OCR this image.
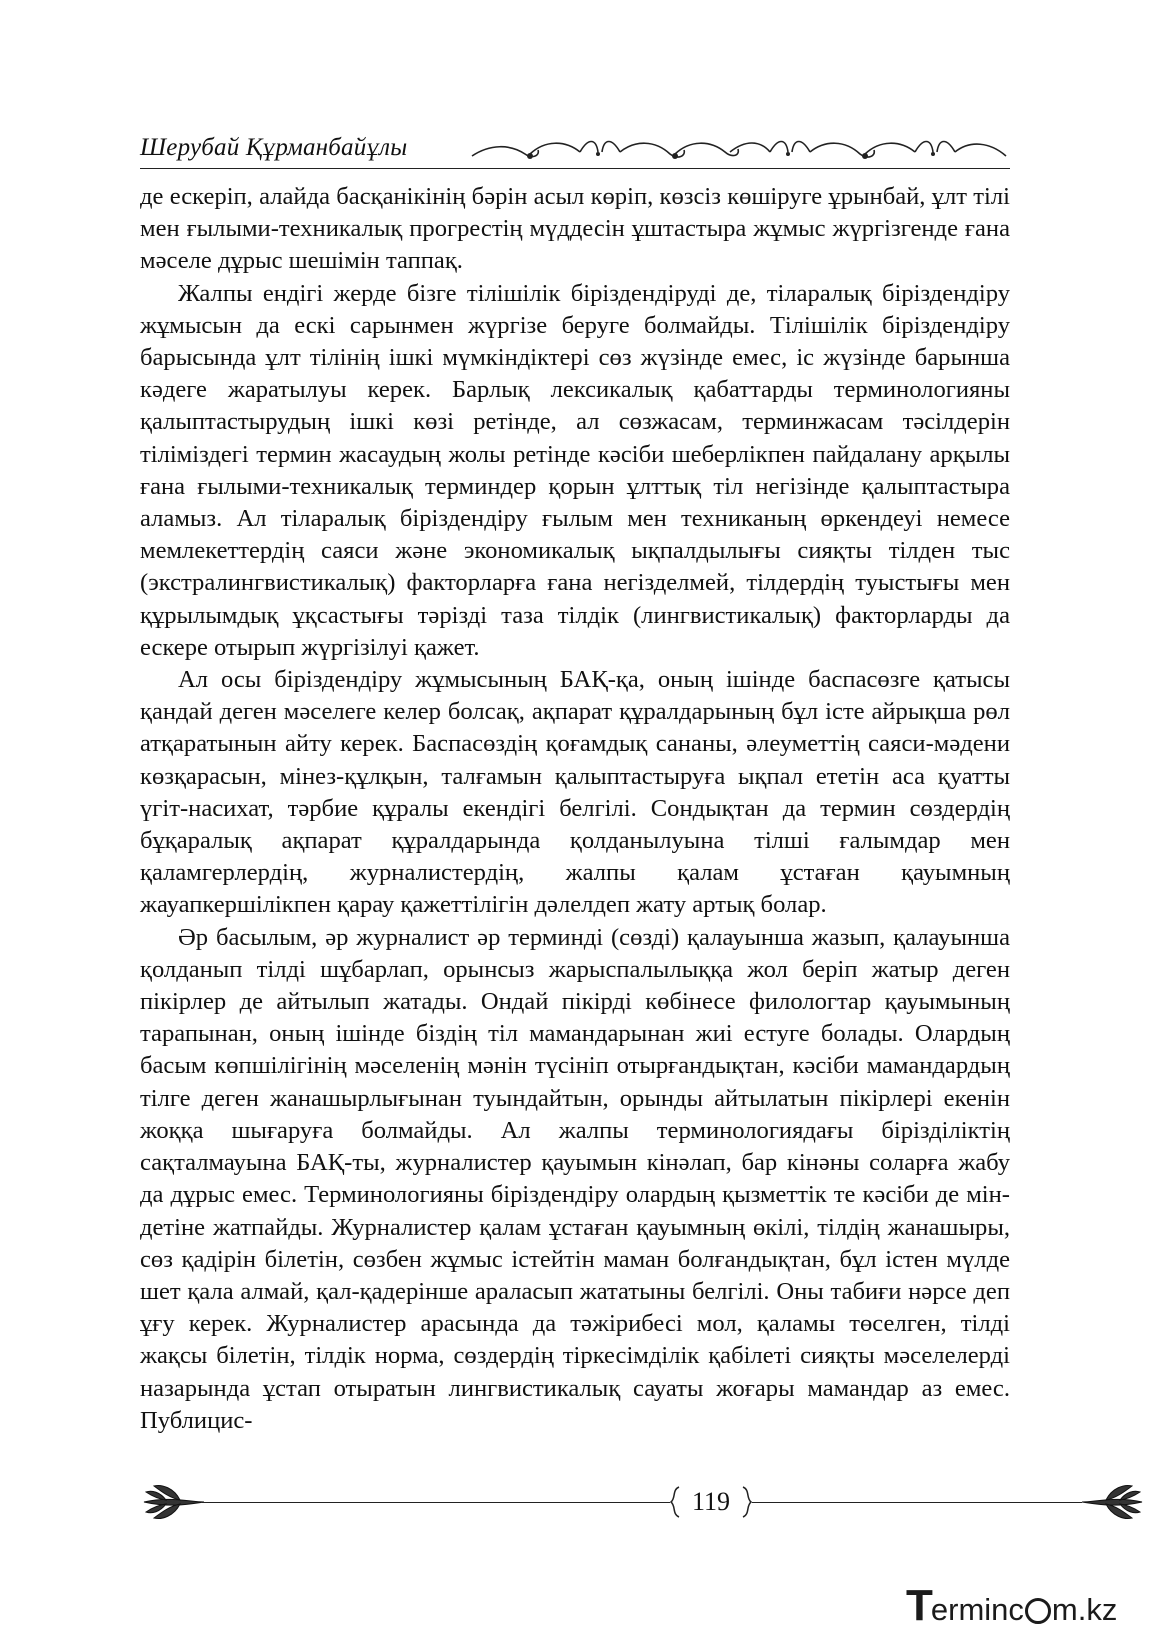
Шерубай Құрманбайұлы

де ескеріп, алайда басқанікінің бәрін асыл көріп, көзсіз көшіруге ұрынбай, ұлт тілі мен ғылыми-техникалық прогрестің мүддесін ұштастыра жұмыс жүргізгенде ғана мәселе дұрыс шешімін таппақ.

Жалпы ендігі жерде бізге тілішілік біріздендіруді де, тіларалық біріздендіру жұмысын да ескі сарынмен жүргізе беруге болмайды. Тілішілік біріздендіру барысында ұлт тілінің ішкі мүмкіндіктері сөз жүзінде емес, іс жүзінде барынша кәдеге жаратылуы керек. Барлық лексикалық қабаттарды терминологияны қалыптастырудың ішкі көзі ретінде, ал сөзжасам, терминжасам тәсілдерін тіліміздегі термин жасаудың жолы ретінде кәсіби шеберлікпен пайдалану арқылы ғана ғылыми-техникалық терминдер қорын ұлттық тіл негізінде қалыптастыра аламыз. Ал тіларалық біріздендіру ғылым мен техниканың өркендеуі немесе мемлекеттердің саяси және экономикалық ықпалдылығы сияқты тілден тыс (экстралингвистикалық) факторларға ғана негізделмей, тілдердің туыстығы мен құрылымдық ұқсастығы тәрізді таза тілдік (лингвистикалық) факторларды да ескере отырып жүргізілуі қажет.

Ал осы біріздендіру жұмысының БАҚ-қа, оның ішінде баспасөзге қатысы қандай деген мәселеге келер болсақ, ақпарат құралдарының бұл істе айрықша рөл атқаратынын айту керек. Баспасөздің қоғамдық сананы, әлеуметтің саяси-мәдени көзқарасын, мінез-құлқын, талғамын қалыптастыруға ықпал ететін аса қуатты үгіт-насихат, тәрбие құралы екендігі белгілі. Сондықтан да термин сөздердің бұқаралық ақпарат құралдарында қолданылуына тілші ғалымдар мен қаламгерлердің, журналистердің, жалпы қалам ұстаған қауымның жауапкершілікпен қарау қажеттілігін дәлелдеп жату артық болар.

Әр басылым, әр журналист әр терминді (сөзді) қалауынша жазып, қалауынша қолданып тілді шұбарлап, орынсыз жарыспалылыққа жол беріп жатыр деген пікірлер де айтылып жатады. Ондай пікірді көбінесе филологтар қауымының тарапынан, оның ішінде біздің тіл мамандарынан жиі естуге болады. Олардың басым көпшілігінің мәселенің мәнін түсініп отырғандықтан, кәсіби мамандардың тілге деген жанашырлығынан туындайтын, орынды айтылатын пікірлері екенін жоққа шығаруға болмайды. Ал жалпы терминологиядағы бірізділіктің сақталмауына БАҚ-ты, журналистер қауымын кінәлап, бар кінәны соларға жабу да дұрыс емес. Терминологияны біріздендіру олардың қызметтік те кәсіби де міндетіне жатпайды. Журналистер қалам ұстаған қауымның өкілі, тілдің жанашыры, сөз қадірін білетін, сөзбен жұмыс істейтін маман болғандықтан, бұл істен мүлде шет қала алмай, қал-қадерінше араласып жататыны белгілі. Оны табиғи нәрсе деп ұғу керек. Журналистер арасында да тәжірибесі мол, қаламы төселген, тілді жақсы білетін, тілдік норма, сөздердің тіркесімділік қабілеті сияқты мәселелерді назарында ұстап отыратын лингвистикалық сауаты жоғары мамандар аз емес. Публицис-

119
T
erminc m.kz
